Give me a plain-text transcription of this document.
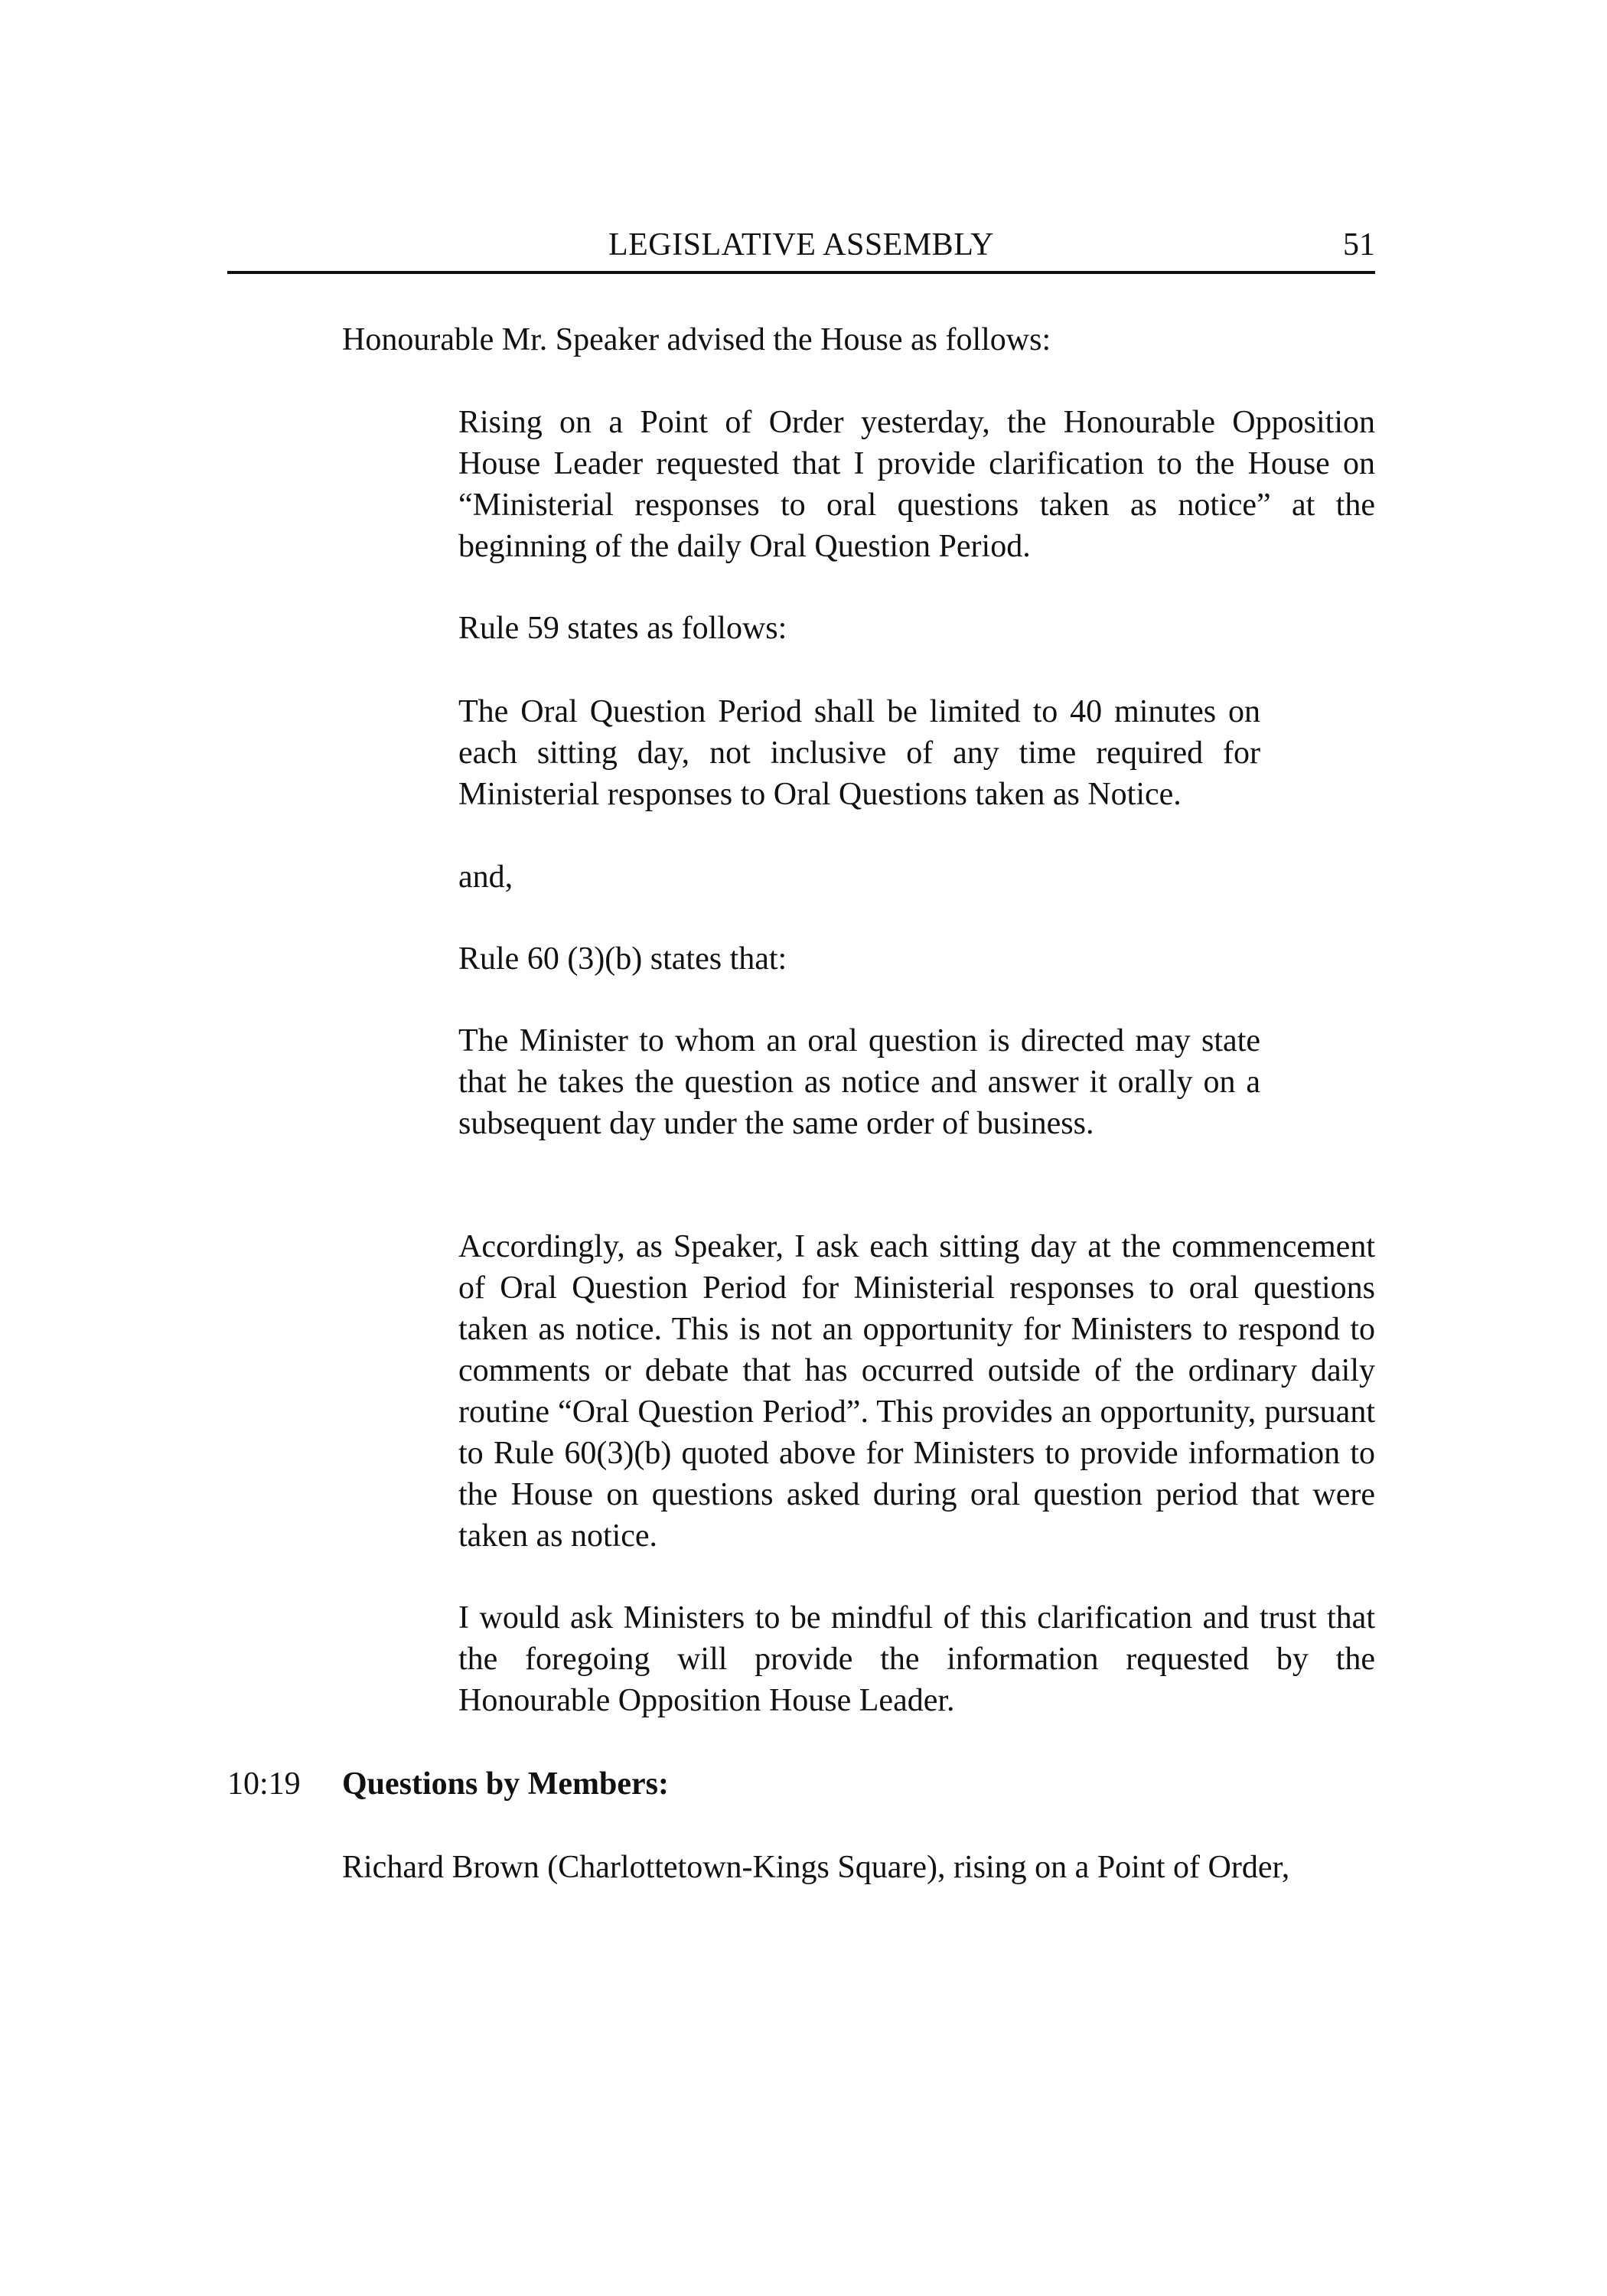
LEGISLATIVE ASSEMBLY	51

Honourable Mr. Speaker advised the House as follows:

Rising on a Point of Order yesterday, the Honourable Opposition House Leader requested that I provide clarification to the House on “Ministerial responses to oral questions taken as notice” at the beginning of the daily Oral Question Period.

Rule 59 states as follows:

The Oral Question Period shall be limited to 40 minutes on each sitting day, not inclusive of any time required for Ministerial responses to Oral Questions taken as Notice.

and,

Rule 60 (3)(b) states that:

The Minister to whom an oral question is directed may state that he takes the question as notice and answer it orally on a subsequent day under the same order of business.

Accordingly, as Speaker, I ask each sitting day at the commencement of Oral Question Period for Ministerial responses to oral questions taken as notice. This is not an opportunity for Ministers to respond to comments or debate that has occurred outside of the ordinary daily routine “Oral Question Period”. This provides an opportunity, pursuant to Rule 60(3)(b) quoted above for Ministers to provide information to the House on questions asked during oral question period that were taken as notice.

I would ask Ministers to be mindful of this clarification and trust that the foregoing will provide the information requested by the Honourable Opposition House Leader.

10:19 Questions by Members:

Richard Brown (Charlottetown-Kings Square), rising on a Point of Order,
